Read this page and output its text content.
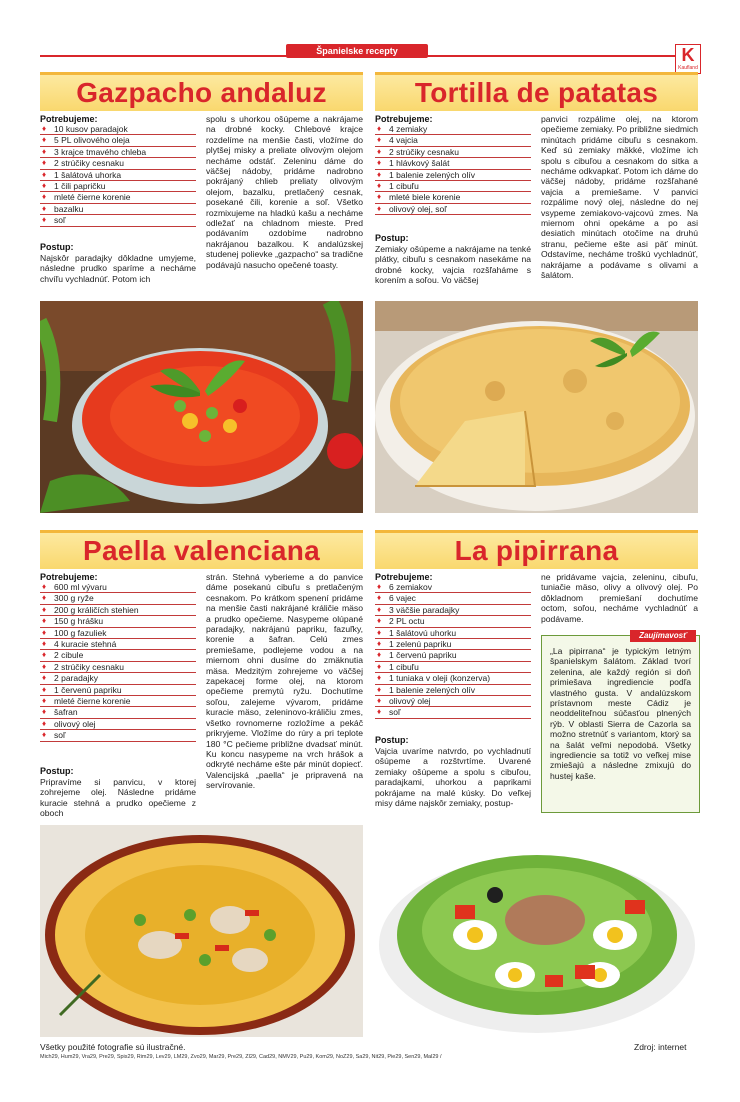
Španielske recepty	K
Kaufland
Gazpacho andaluz
Potrebujeme:
♦ 10 kusov paradajok
♦ 5 PL olivového oleja
♦ 3 krajce tmavého chleba
♦ 2 strúčiky cesnaku
♦ 1 šalátová uhorka
♦ 1 čili papričku
♦ mleté čierne korenie
♦ bazalku
♦ soľ
Postup:
Najskôr paradajky dôkladne umyjeme, následne prudko sparíme a necháme chvíľu vychladnúť. Potom ich
spolu s uhorkou ošúpeme a nakrájame na drobné kocky. Chlebové krajce rozdelíme na menšie časti, vložíme do plytšej misky a preliate olivovým olejom necháme odstáť. Zeleninu dáme do väčšej nádoby, pridáme nadrobno pokrájaný chlieb preliaty olivovým olejom, bazalku, pretlačený cesnak, posekané čili, korenie a soľ. Všetko rozmixujeme na hladkú kašu a necháme odležať na chladnom mieste. Pred podávaním ozdobíme nadrobno nakrájanou bazalkou. K andalúzskej studenej polievke „gazpacho“ sa tradične podávajú nasucho opečené toasty.
Tortilla de patatas
Potrebujeme:
♦ 4 zemiaky
♦ 4 vajcia
♦ 2 strúčiky cesnaku
♦ 1 hlávkový šalát
♦ 1 balenie zelených olív
♦ 1 cibuľu
♦ mleté biele korenie
♦ olivový olej, soľ
Postup:
Zemiaky ošúpeme a nakrájame na tenké plátky, cibuľu s cesnakom nasekáme na drobné kocky, vajcia rozšľaháme s korením a soľou. Vo väčšej
panvici rozpálime olej, na ktorom opečieme zemiaky. Po približne siedmich minútach pridáme cibuľu s cesnakom. Keď sú zemiaky mäkké, vložíme ich spolu s cibuľou a cesnakom do sitka a necháme odkvapkať. Potom ich dáme do väčšej nádoby, pridáme rozšľahané vajcia a premiešame. V panvici rozpálime nový olej, následne do nej vsypeme zemiakovo-vajcovú zmes. Na miernom ohni opekáme a po asi desiatich minútach otočíme na druhú stranu, pečieme ešte asi päť minút. Odstavíme, necháme troškú vychladnúť, nakrájame a podávame s olivami a šalátom.
Paella valenciana
Potrebujeme:
♦ 600 ml vývaru
♦ 300 g ryže
♦ 200 g králičích stehien
♦ 150 g hrášku
♦ 100 g fazuliek
♦ 4 kuracie stehná
♦ 2 cibule
♦ 2 strúčiky cesnaku
♦ 2 paradajky
♦ 1 červenú papriku
♦ mleté čierne korenie
♦ šafran
♦ olivový olej
♦ soľ
Postup:
Pripravíme si panvicu, v ktorej zohrejeme olej. Následne pridáme kuracie stehná a prudko opečieme z oboch
strán. Stehná vyberieme a do panvice dáme posekanú cibuľu s pretlačeným cesnakom. Po krátkom spenení pridáme na menšie časti nakrájané králičie mäso a prudko opečieme. Nasypeme olúpané paradajky, nakrájanú papriku, fazuľky, korenie a šafran. Celú zmes premiešame, podlejeme vodou a na miernom ohni dusíme do zmäknutia mäsa. Medzitým zohrejeme vo väčšej zapekacej forme olej, na ktorom opečieme premytú ryžu. Dochutíme soľou, zalejeme vývarom, pridáme kuracie mäso, zeleninovo-králičiu zmes, všetko rovnomerne rozložíme a pekáč prikryjeme. Vložíme do rúry a pri teplote 180 °C pečieme približne dvadsať minút. Ku koncu nasypeme na vrch hrášok a odkryté necháme ešte pár minút dopiecť. Valencijská „paella“ je pripravená na servírovanie.
La pipirrana
Potrebujeme:
♦ 6 zemiakov
♦ 6 vajec
♦ 3 väčšie paradajky
♦ 2 PL octu
♦ 1 šalátovú uhorku
♦ 1 zelenú papriku
♦ 1 červenú papriku
♦ 1 cibuľu
♦ 1 tuniaka v oleji (konzerva)
♦ 1 balenie zelených olív
♦ olivový olej
♦ soľ
Postup:
Vajcia uvaríme natvrdo, po vychladnutí ošúpeme a rozštvrtíme. Uvarené zemiaky ošúpeme a spolu s cibuľou, paradajkami, uhorkou a paprikami pokrájame na malé kúsky. Do veľkej misy dáme najskôr zemiaky, postup-
ne pridávame vajcia, zeleninu, cibuľu, tuniačie mäso, olivy a olivový olej. Po dôkladnom premiešaní dochutíme octom, soľou, necháme vychladnúť a podávame.
Zaujímavosť
„La pipirrana“ je typickým letným španielskym šalátom. Základ tvorí zelenina, ale každý región si doň primiešava ingrediencie podľa vlastného gusta. V andalúzskom prístavnom meste Cádiz je neoddeliteľnou súčasťou plnených rýb. V oblasti Sierra de Cazorla sa možno stretnúť s variantom, ktorý sa na šalát veľmi nepodobá. Všetky ingrediencie sa totiž vo veľkej mise zmiešajú a následne zmixujú do hustej kaše.
Všetky použité fotografie sú ilustračné.
Mich29, Hum29, Vra29, Pre29, Spis29, Rim29, Lev29, LM29, Zvo29, Mar29, Pre29, Zl29, Cad29, NMV29, Pu29, Kom29, NoZ29, Sa29, Nit29, Pie29, Sen29, Mal29 /
Zdroj: internet
